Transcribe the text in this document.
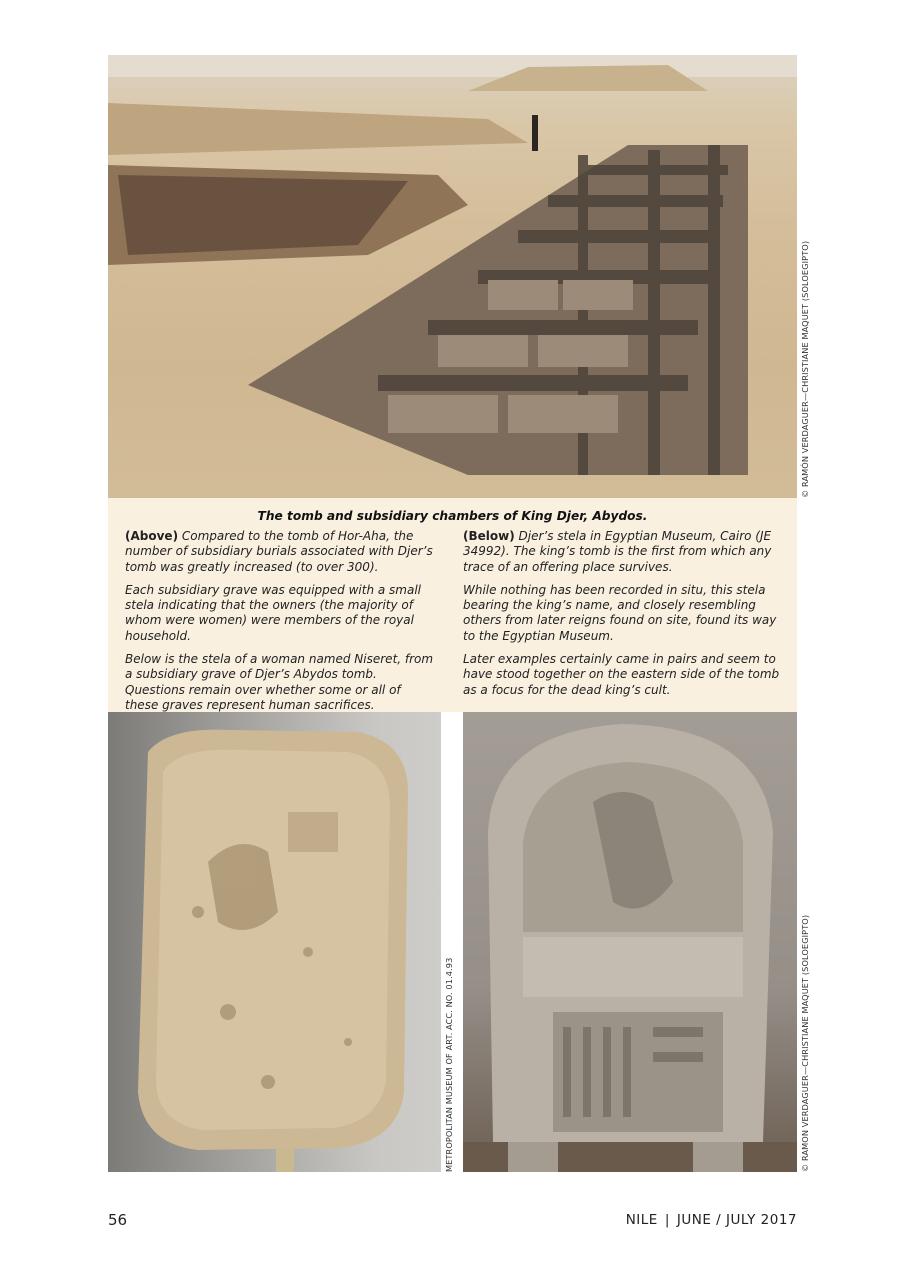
© RAMÓN VERDAGUER—CHRISTIANE MAQUET (SOLOEGIPTO)
The tomb and subsidiary chambers of King Djer, Abydos.

(Above) Compared to the tomb of Hor-Aha, the number of subsidiary burials associated with Djer’s tomb was greatly increased (to over 300).

Each subsidiary grave was equipped with a small stela indicating that the owners (the majority of whom were women) were members of the royal household.

Below is the stela of a woman named Niseret, from a subsidiary grave of Djer’s Abydos tomb. Questions remain over whether some or all of these graves represent human sacrifices.

(Below) Djer’s stela in Egyptian Museum, Cairo (JE 34992). The king’s tomb is the first from which any trace of an offering place survives.

While nothing has been recorded in situ, this stela bearing the king’s name, and closely resembling others from later reigns found on site, found its way to the Egyptian Museum.

Later examples certainly came in pairs and seem to have stood together on the eastern side of the tomb as a focus for the dead king’s cult.

METROPOLITAN MUSEUM OF ART. ACC. NO. 01.4.93	© RAMON VERDAGUER—CHRISTIANE MAQUET (SOLOEGIPTO)
56	NILE | JUNE / JULY 2017
